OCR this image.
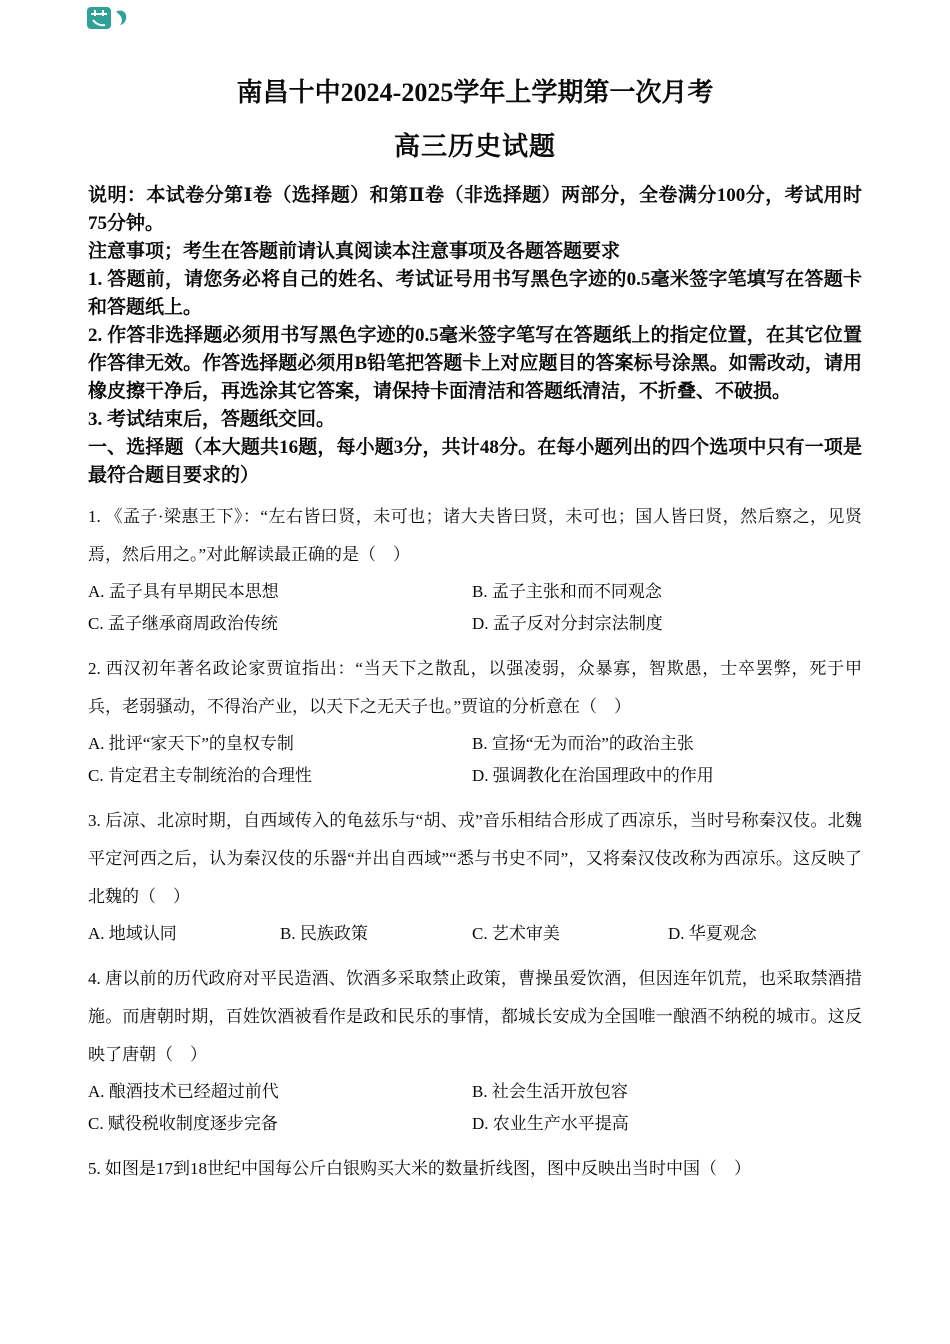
南昌十中2024-2025学年上学期第一次月考
高三历史试题

说明：本试卷分第Ⅰ卷（选择题）和第Ⅱ卷（非选择题）两部分，全卷满分100分，考试用时75分钟。

注意事项；考生在答题前请认真阅读本注意事项及各题答题要求

1. 答题前，请您务必将自己的姓名、考试证号用书写黑色字迹的0.5毫米签字笔填写在答题卡和答题纸上。

2. 作答非选择题必须用书写黑色字迹的0.5毫米签字笔写在答题纸上的指定位置，在其它位置作答律无效。作答选择题必须用B铅笔把答题卡上对应题目的答案标号涂黑。如需改动，请用橡皮擦干净后，再选涂其它答案，请保持卡面清洁和答题纸清洁，不折叠、不破损。

3. 考试结束后，答题纸交回。

一、选择题（本大题共16题，每小题3分，共计48分。在每小题列出的四个选项中只有一项是最符合题目要求的）

1. 《孟子·梁惠王下》：“左右皆曰贤，未可也；诸大夫皆曰贤，未可也；国人皆曰贤，然后察之，见贤焉，然后用之。”对此解读最正确的是（　）

A. 孟子具有早期民本思想	B. 孟子主张和而不同观念
C. 孟子继承商周政治传统	D. 孟子反对分封宗法制度

2. 西汉初年著名政论家贾谊指出：“当天下之散乱，以强凌弱，众暴寡，智欺愚，士卒罢弊，死于甲 兵，老弱骚动，不得治产业，以天下之无天子也。”贾谊的分析意在（　）

A. 批评“家天下”的皇权专制	B. 宣扬“无为而治”的政治主张
C. 肯定君主专制统治的合理性	D. 强调教化在治国理政中的作用

3. 后凉、北凉时期，自西域传入的龟兹乐与“胡、戎”音乐相结合形成了西凉乐，当时号称秦汉伎。北魏平定河西之后，认为秦汉伎的乐器“并出自西域”“悉与书史不同”，又将秦汉伎改称为西凉乐。这反映了北魏的（　）

A. 地域认同	B. 民族政策	C. 艺术审美	D. 华夏观念

4. 唐以前的历代政府对平民造酒、饮酒多采取禁止政策，曹操虽爱饮酒，但因连年饥荒，也采取禁酒措施。而唐朝时期，百姓饮酒被看作是政和民乐的事情，都城长安成为全国唯一酿酒不纳税的城市。这反映了唐朝（　）

A. 酿酒技术已经超过前代	B. 社会生活开放包容
C. 赋役税收制度逐步完备	D. 农业生产水平提高

5. 如图是17到18世纪中国每公斤白银购买大米的数量折线图，图中反映出当时中国（　）
